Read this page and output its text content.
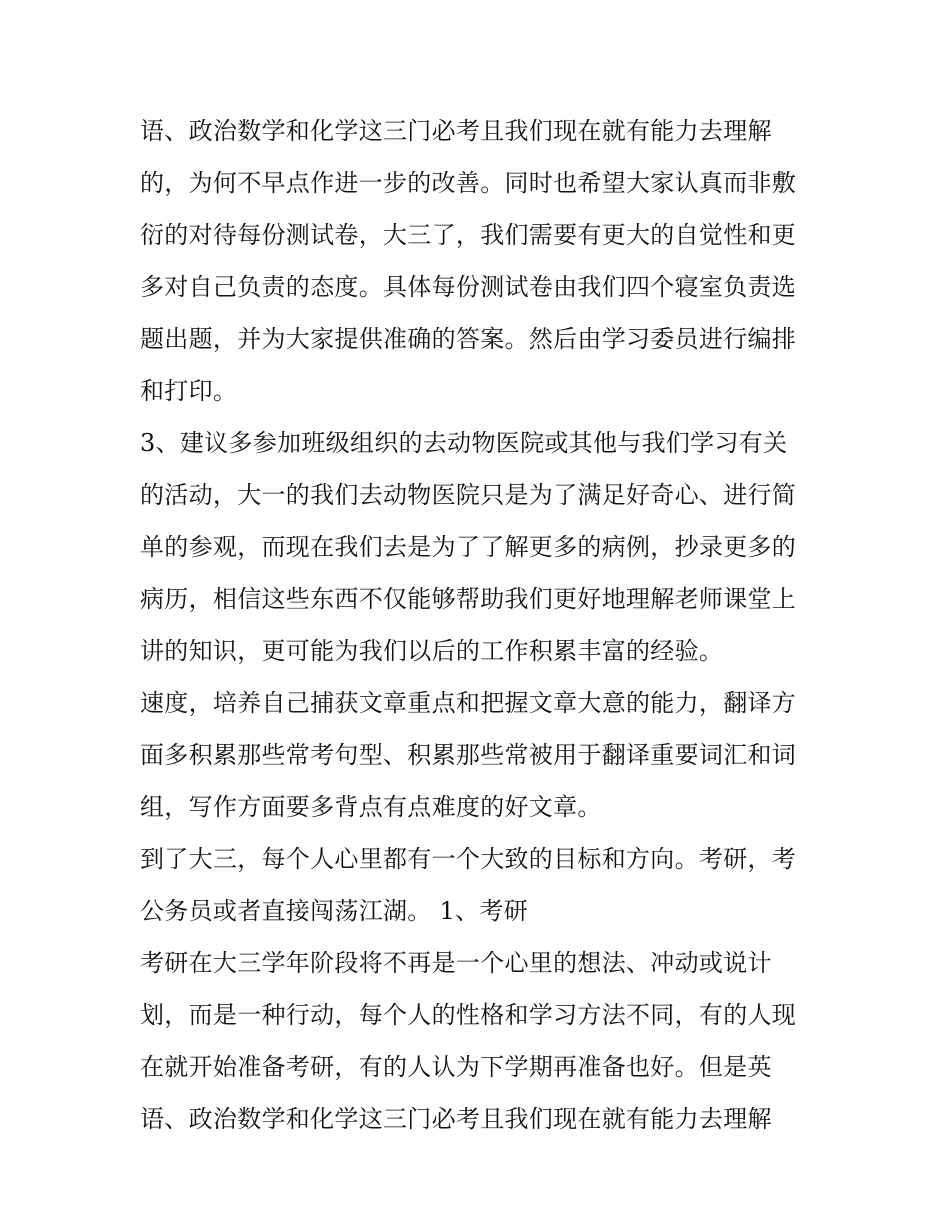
语、政治数学和化学这三门必考且我们现在就有能力去理解
的，为何不早点作进一步的改善。同时也希望大家认真而非敷
衍的对待每份测试卷，大三了，我们需要有更大的自觉性和更
多对自己负责的态度。具体每份测试卷由我们四个寝室负责选
题出题，并为大家提供准确的答案。然后由学习委员进行编排
和打印。
3、建议多参加班级组织的去动物医院或其他与我们学习有关
的活动，大一的我们去动物医院只是为了满足好奇心、进行简
单的参观，而现在我们去是为了了解更多的病例，抄录更多的
病历，相信这些东西不仅能够帮助我们更好地理解老师课堂上
讲的知识，更可能为我们以后的工作积累丰富的经验。
速度，培养自己捕获文章重点和把握文章大意的能力，翻译方
面多积累那些常考句型、积累那些常被用于翻译重要词汇和词
组，写作方面要多背点有点难度的好文章。
到了大三，每个人心里都有一个大致的目标和方向。考研，考
公务员或者直接闯荡江湖。 1、考研
考研在大三学年阶段将不再是一个心里的想法、冲动或说计
划，而是一种行动，每个人的性格和学习方法不同，有的人现
在就开始准备考研，有的人认为下学期再准备也好。但是英
语、政治数学和化学这三门必考且我们现在就有能力去理解
